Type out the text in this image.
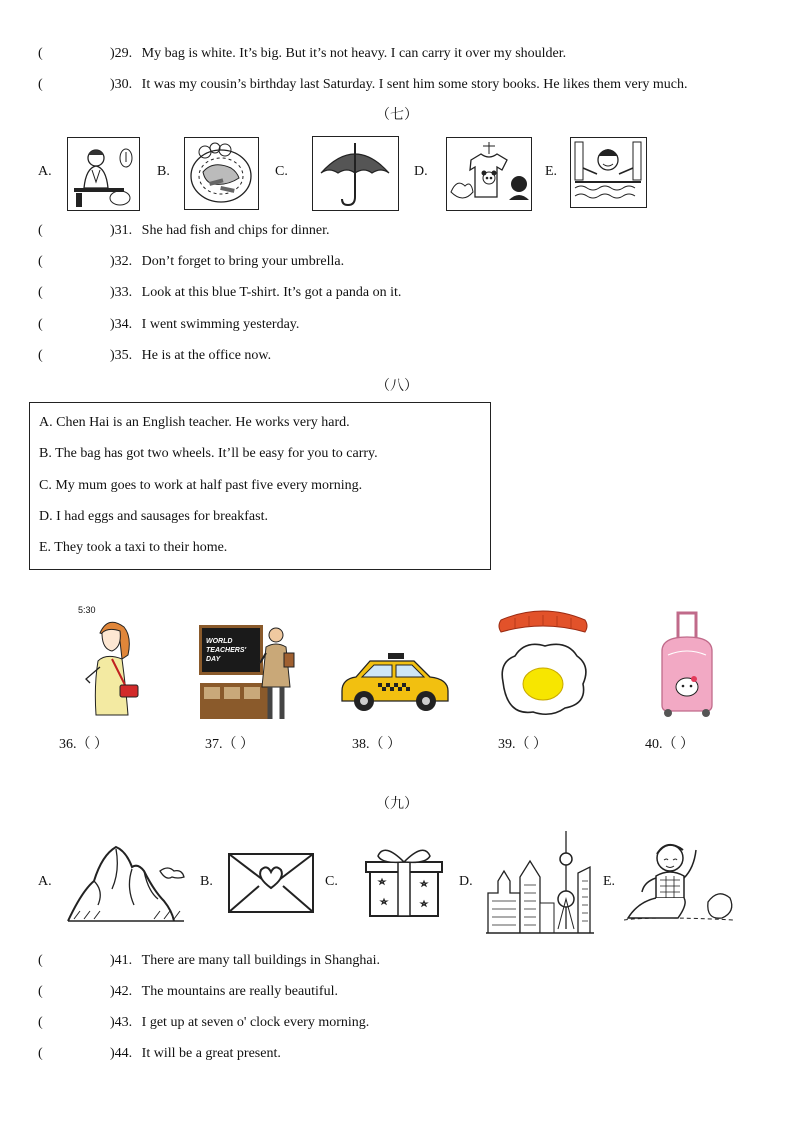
(	)29. My bag is white. It’s big. But it’s not heavy. I can carry it over my shoulder.
(	)30. It was my cousin’s birthday last Saturday. I sent him some story books. He likes them very much.
（七）
A.	B.	C.	D.	E.
(	)31. She had fish and chips for dinner.
(	)32. Don’t forget to bring your umbrella.
(	)33. Look at this blue T-shirt. It’s got a panda on it.
(	)34. I went swimming yesterday.
(	)35. He is at the office now.
（八）
A. Chen Hai is an English teacher. He works very hard.
B. The bag has got two wheels. It’ll be easy for you to carry.
C. My mum goes to work at half past five every morning.
D. I had eggs and sausages for breakfast.
E. They took a taxi to their home.
5:30
WORLD TEACHERS' DAY
36.（ ）	37.（ ）	38.（ ）	39.（ ）	40.（ ）
（九）
A.	B.	C.	D.	E.
(	)41. There are many tall buildings in Shanghai.
(	)42. The mountains are really beautiful.
(	)43. I get up at seven o' clock every morning.
(	)44. It will be a great present.
